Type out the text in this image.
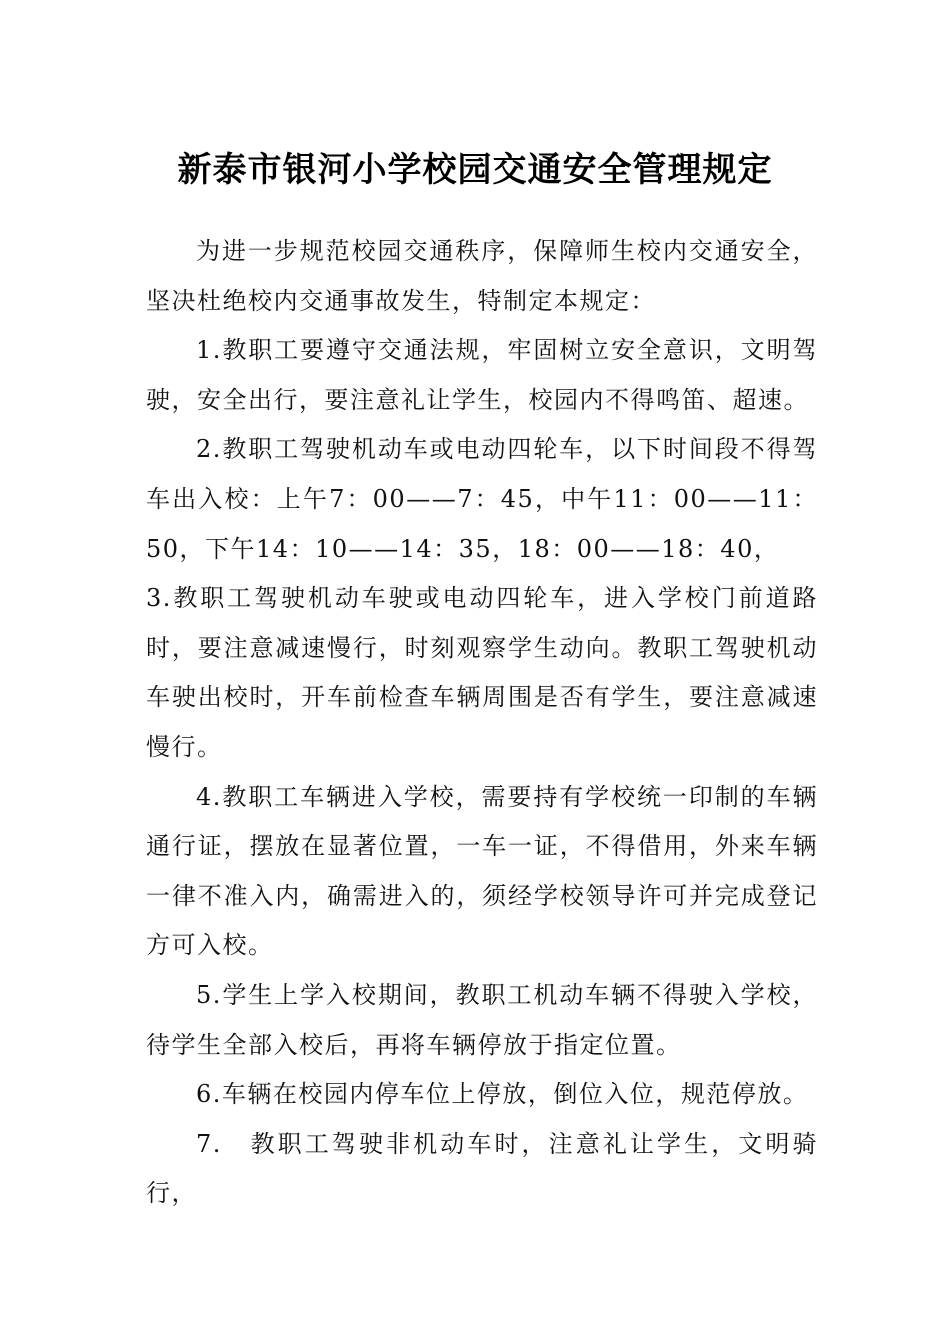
新泰市银河小学校园交通安全管理规定

为进一步规范校园交通秩序，保障师生校内交通安全，坚决杜绝校内交通事故发生，特制定本规定：

1.教职工要遵守交通法规，牢固树立安全意识，文明驾驶，安全出行，要注意礼让学生，校园内不得鸣笛、超速。

2.教职工驾驶机动车或电动四轮车，以下时间段不得驾车出入校：上午7：00——7：45，中午11：00——11：50，下午14：10——14：35，18：00——18：40，

3.教职工驾驶机动车驶或电动四轮车，进入学校门前道路时，要注意减速慢行，时刻观察学生动向。教职工驾驶机动车驶出校时，开车前检查车辆周围是否有学生，要注意减速慢行。

4.教职工车辆进入学校，需要持有学校统一印制的车辆通行证，摆放在显著位置，一车一证，不得借用，外来车辆一律不准入内，确需进入的，须经学校领导许可并完成登记方可入校。

5.学生上学入校期间，教职工机动车辆不得驶入学校，待学生全部入校后，再将车辆停放于指定位置。

6.车辆在校园内停车位上停放，倒位入位，规范停放。

7.　教职工驾驶非机动车时，注意礼让学生，文明骑行，
